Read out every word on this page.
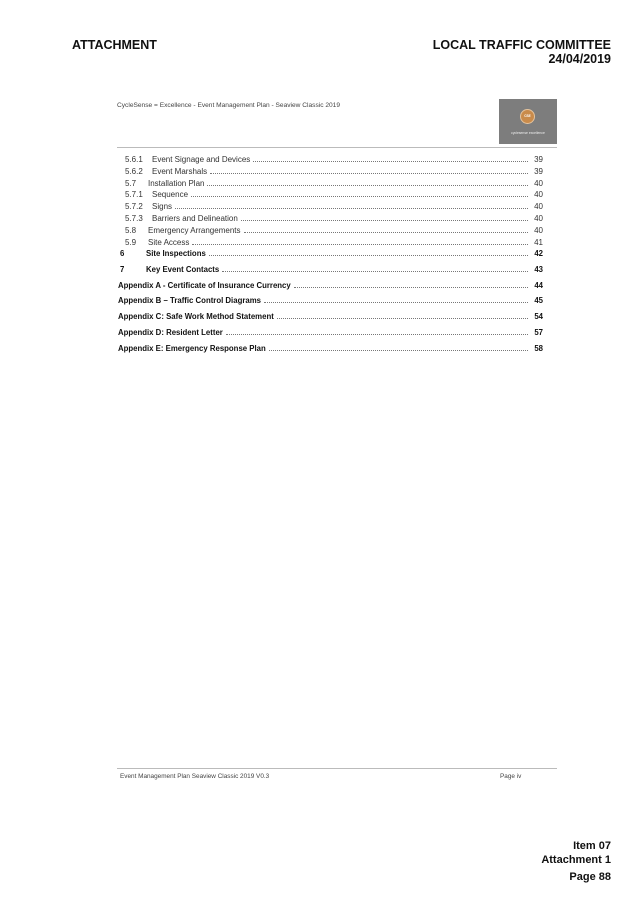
ATTACHMENT	LOCAL TRAFFIC COMMITTEE
24/04/2019
CycleSense = Excellence - Event Management Plan - Seaview Classic 2019
CSE
cyclesense excellence
5.6.1	Event Signage and Devices	39
5.6.2	Event Marshals	39
5.7	Installation Plan	40
5.7.1	Sequence	40
5.7.2	Signs	40
5.7.3	Barriers and Delineation	40
5.8	Emergency Arrangements	40
5.9	Site Access	41
6	Site Inspections	42
7	Key Event Contacts	43
Appendix A - Certificate of Insurance Currency	44
Appendix B – Traffic Control Diagrams	45
Appendix C: Safe Work Method Statement	54
Appendix D: Resident Letter	57
Appendix E: Emergency Response Plan	58
Event Management Plan Seaview Classic 2019 V0.3	Page iv
Item 07
Attachment 1
Page 88
